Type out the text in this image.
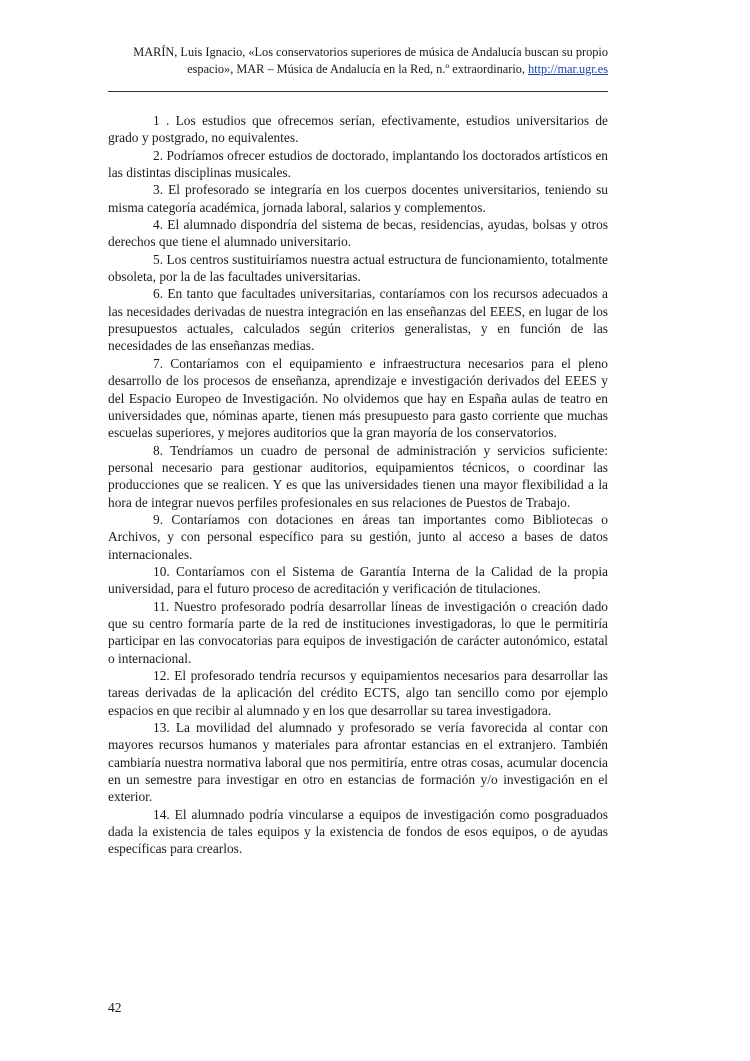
MARÍN, Luis Ignacio, «Los conservatorios superiores de música de Andalucía buscan su propio
espacio», MAR – Música de Andalucía en la Red, n.º extraordinario, http://mar.ugr.es

1 . Los estudios que ofrecemos serían, efectivamente, estudios universitarios de grado y postgrado, no equivalentes.

2. Podríamos ofrecer estudios de doctorado, implantando los doctorados artísticos en las distintas disciplinas musicales.

3. El profesorado se integraría en los cuerpos docentes universitarios, teniendo su misma categoría académica, jornada laboral, salarios y complementos.

4. El alumnado dispondría del sistema de becas, residencias, ayudas, bolsas y otros derechos que tiene el alumnado universitario.

5. Los centros sustituiríamos nuestra actual estructura de funcionamiento, totalmente obsoleta, por la de las facultades universitarias.

6. En tanto que facultades universitarias, contaríamos con los recursos adecuados a las necesidades derivadas de nuestra integración en las enseñanzas del EEES, en lugar de los presupuestos actuales, calculados según criterios generalistas, y en función de las necesidades de las enseñanzas medias.

7. Contaríamos con el equipamiento e infraestructura necesarios para el pleno desarrollo de los procesos de enseñanza, aprendizaje e investigación derivados del EEES y del Espacio Europeo de Investigación. No olvidemos que hay en España aulas de teatro en universidades que, nóminas aparte, tienen más presupuesto para gasto corriente que muchas escuelas superiores, y mejores auditorios que la gran mayoría de los conservatorios.

8. Tendríamos un cuadro de personal de administración y servicios suficiente: personal necesario para gestionar auditorios, equipamientos técnicos, o coordinar las producciones que se realicen. Y es que las universidades tienen una mayor flexibilidad a la hora de integrar nuevos perfiles profesionales en sus relaciones de Puestos de Trabajo.

9. Contaríamos con dotaciones en áreas tan importantes como Bibliotecas o Archivos, y con personal específico para su gestión, junto al acceso a bases de datos internacionales.

10. Contaríamos con el Sistema de Garantía Interna de la Calidad de la propia universidad, para el futuro proceso de acreditación y verificación de titulaciones.

11. Nuestro profesorado podría desarrollar líneas de investigación o creación dado que su centro formaría parte de la red de instituciones investigadoras, lo que le permitiría participar en las convocatorias para equipos de investigación de carácter autonómico, estatal o internacional.

12. El profesorado tendría recursos y equipamientos necesarios para desarrollar las tareas derivadas de la aplicación del crédito ECTS, algo tan sencillo como por ejemplo espacios en que recibir al alumnado y en los que desarrollar su tarea investigadora.

13. La movilidad del alumnado y profesorado se vería favorecida al contar con mayores recursos humanos y materiales para afrontar estancias en el extranjero. También cambiaría nuestra normativa laboral que nos permitiría, entre otras cosas, acumular docencia en un semestre para investigar en otro en estancias de formación y/o investigación en el exterior.

14. El alumnado podría vincularse a equipos de investigación como posgraduados dada la existencia de tales equipos y la existencia de fondos de esos equipos, o de ayudas específicas para crearlos.

42
